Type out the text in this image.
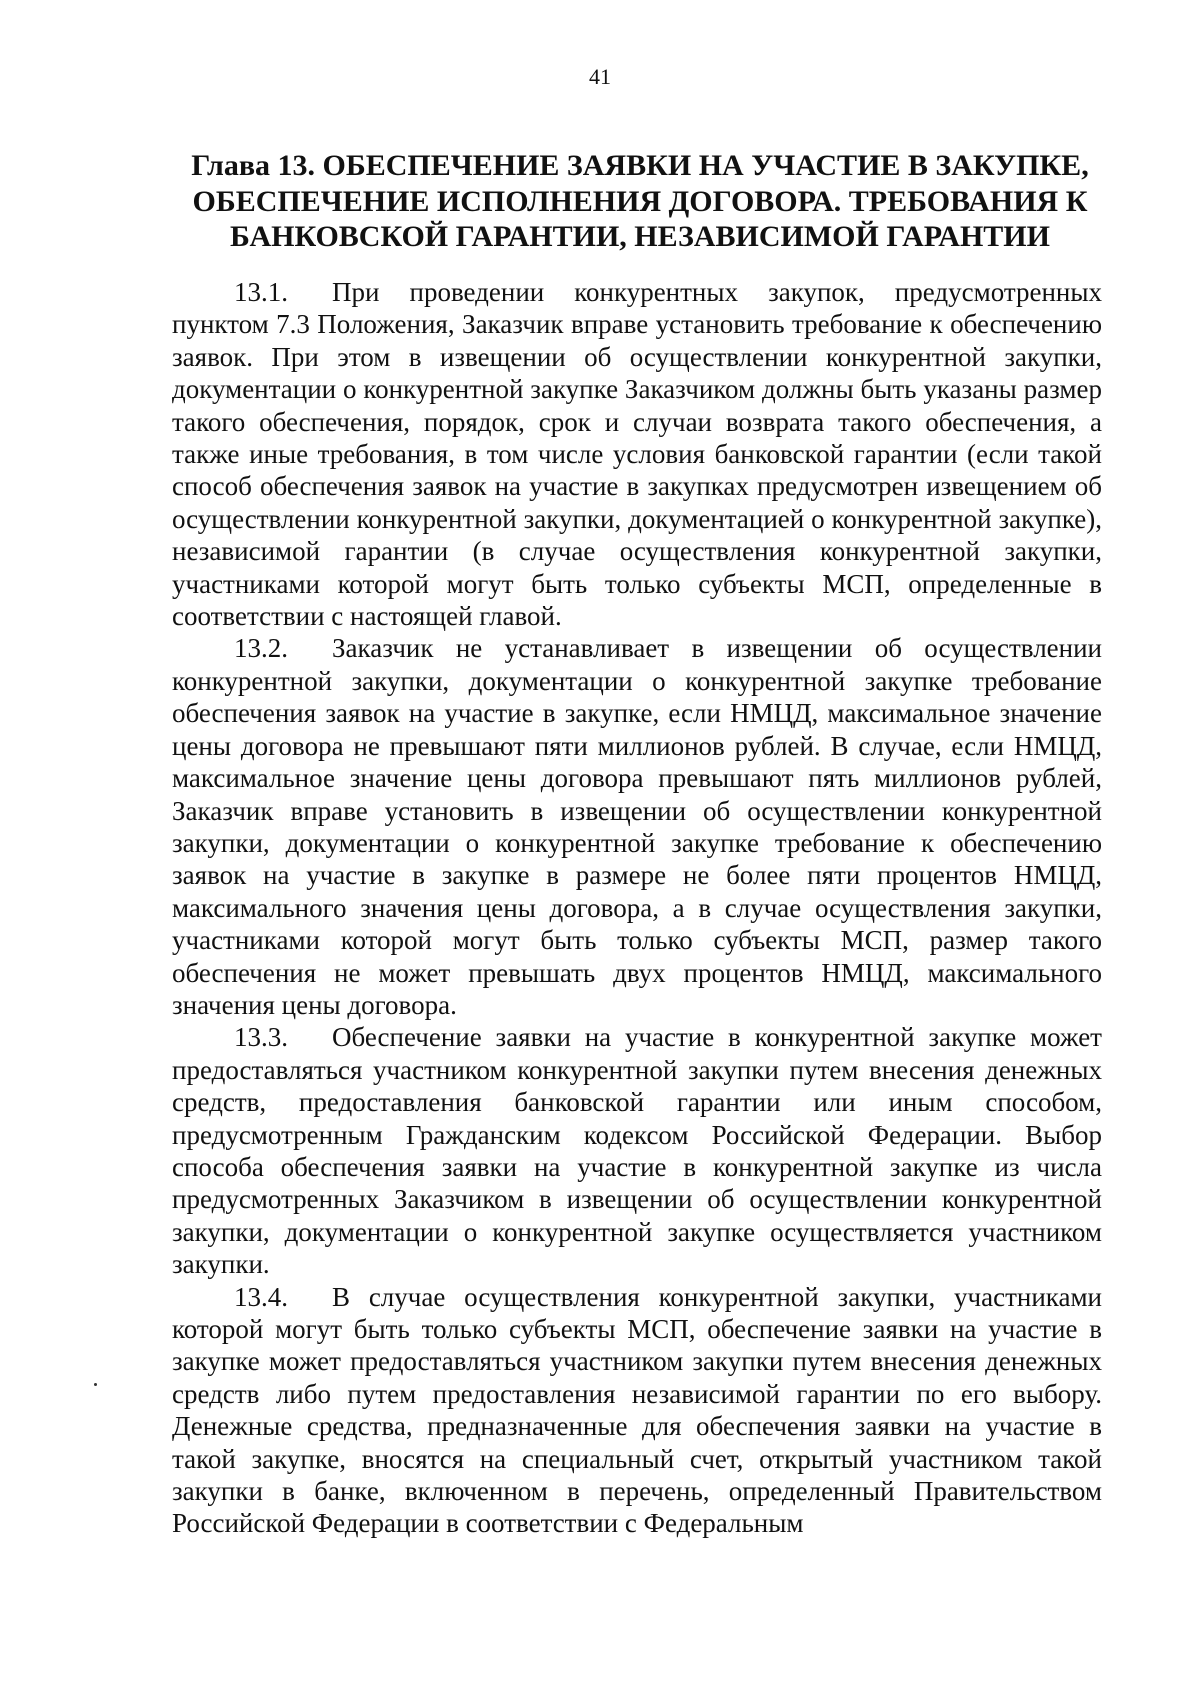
41
Глава 13. ОБЕСПЕЧЕНИЕ ЗАЯВКИ НА УЧАСТИЕ В ЗАКУПКЕ, ОБЕСПЕЧЕНИЕ ИСПОЛНЕНИЯ ДОГОВОРА. ТРЕБОВАНИЯ К БАНКОВСКОЙ ГАРАНТИИ, НЕЗАВИСИМОЙ ГАРАНТИИ

13.1. При проведении конкурентных закупок, предусмотренных пунктом 7.3 Положения, Заказчик вправе установить требование к обеспечению заявок. При этом в извещении об осуществлении конкурентной закупки, документации о конкурентной закупке Заказчиком должны быть указаны размер такого обеспечения, порядок, срок и случаи возврата такого обеспечения, а также иные требования, в том числе условия банковской гарантии (если такой способ обеспечения заявок на участие в закупках предусмотрен извещением об осуществлении конкурентной закупки, документацией о конкурентной закупке), независимой гарантии (в случае осуществления конкурентной закупки, участниками которой могут быть только субъекты МСП, определенные в соответствии с настоящей главой.

13.2. Заказчик не устанавливает в извещении об осуществлении конкурентной закупки, документации о конкурентной закупке требование обеспечения заявок на участие в закупке, если НМЦД, максимальное значение цены договора не превышают пяти миллионов рублей. В случае, если НМЦД, максимальное значение цены договора превышают пять миллионов рублей, Заказчик вправе установить в извещении об осуществлении конкурентной закупки, документации о конкурентной закупке требование к обеспечению заявок на участие в закупке в размере не более пяти процентов НМЦД, максимального значения цены договора, а в случае осуществления закупки, участниками которой могут быть только субъекты МСП, размер такого обеспечения не может превышать двух процентов НМЦД, максимального значения цены договора.

13.3. Обеспечение заявки на участие в конкурентной закупке может предоставляться участником конкурентной закупки путем внесения денежных средств, предоставления банковской гарантии или иным способом, предусмотренным Гражданским кодексом Российской Федерации. Выбор способа обеспечения заявки на участие в конкурентной закупке из числа предусмотренных Заказчиком в извещении об осуществлении конкурентной закупки, документации о конкурентной закупке осуществляется участником закупки.

13.4. В случае осуществления конкурентной закупки, участниками которой могут быть только субъекты МСП, обеспечение заявки на участие в закупке может предоставляться участником закупки путем внесения денежных средств либо путем предоставления независимой гарантии по его выбору. Денежные средства, предназначенные для обеспечения заявки на участие в такой закупке, вносятся на специальный счет, открытый участником такой закупки в банке, включенном в перечень, определенный Правительством Российской Федерации в соответствии с Федеральным
